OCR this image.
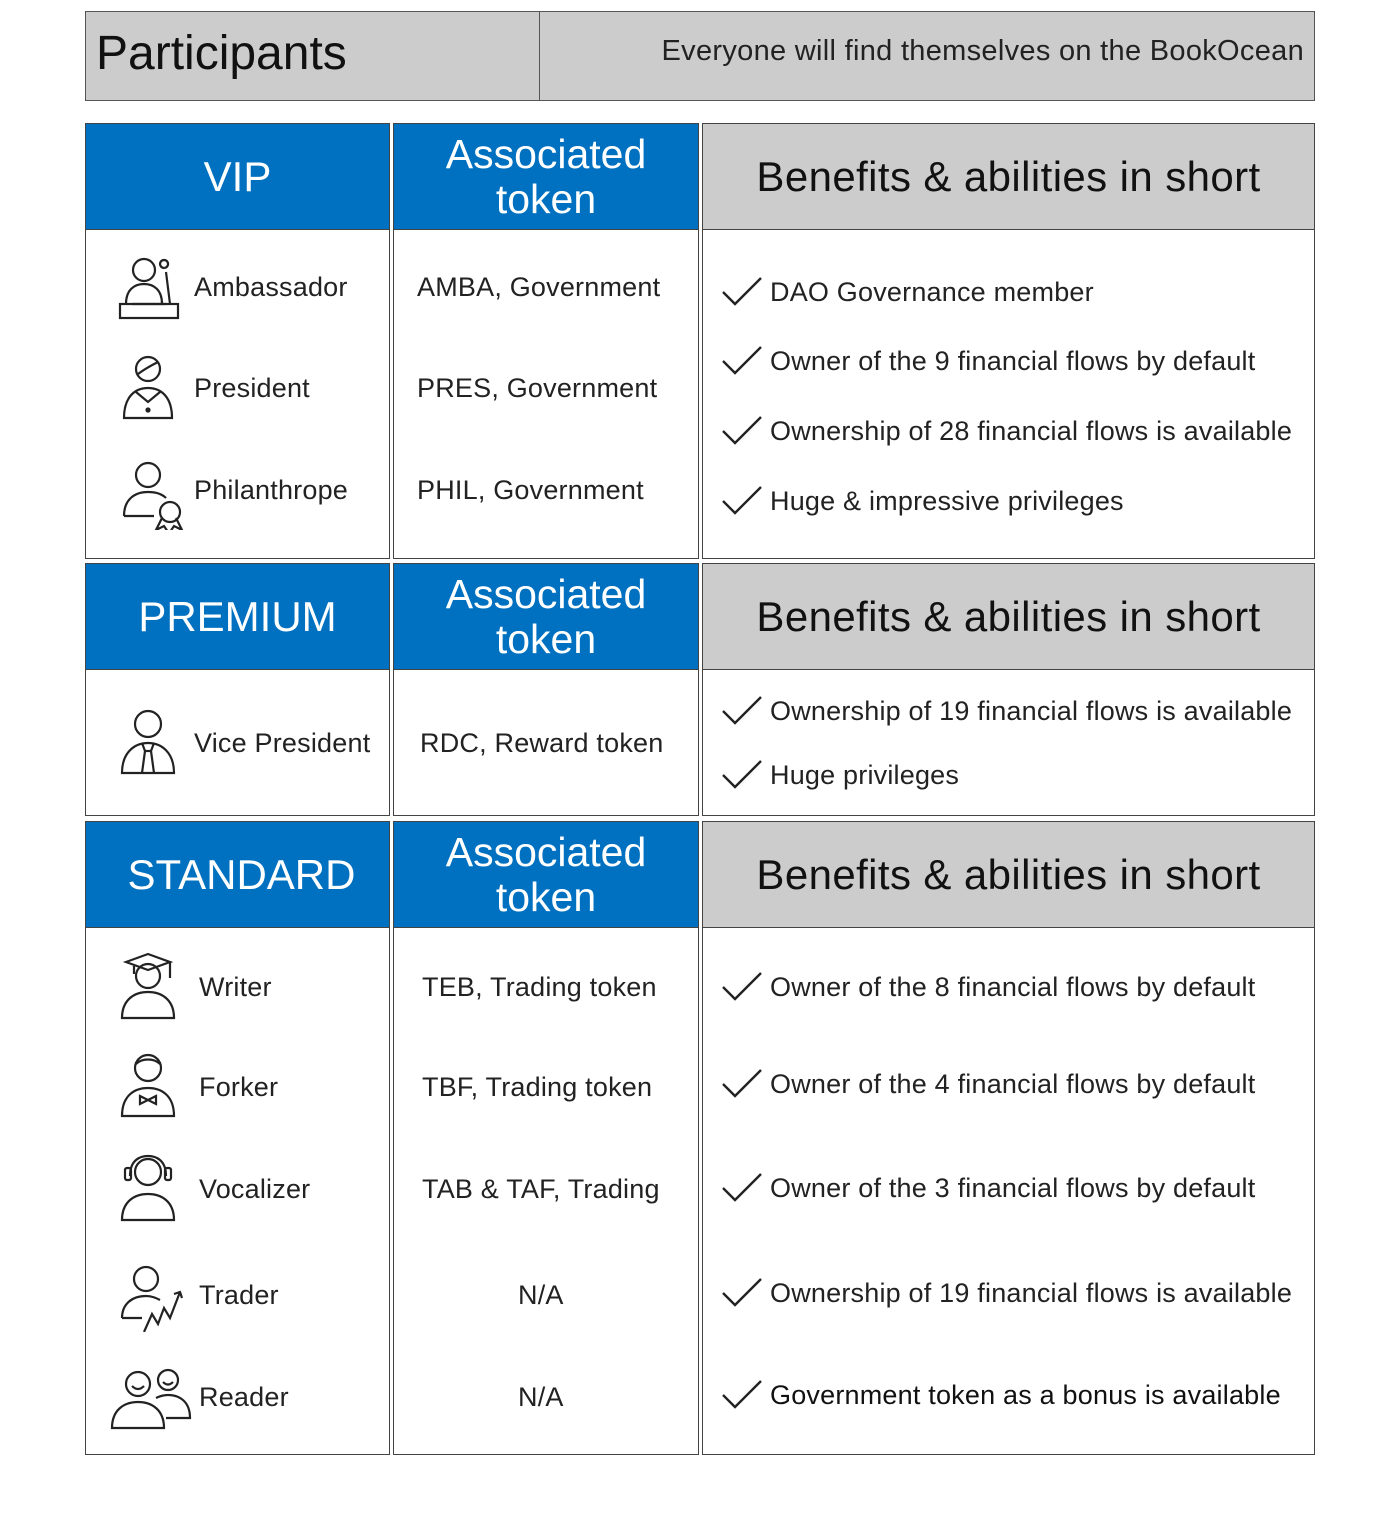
Participants	Everyone will find themselves on the BookOcean
VIP
Ambassador
President
Philanthrope
Associated token
AMBA, Government
PRES, Government
PHIL, Government
Benefits & abilities in short
DAO Governance member
Owner of the 9 financial flows by default
Ownership of 28 financial flows is available
Huge & impressive privileges
PREMIUM
Vice President
Associated token
RDC, Reward token
Benefits & abilities in short
Ownership of 19 financial flows is available
Huge privileges
STANDARD
Writer
Forker
Vocalizer
Trader
Reader
Associated token
TEB, Trading token
TBF, Trading token
TAB & TAF, Trading
N/A
N/A
Benefits & abilities in short
Owner of the 8 financial flows by default
Owner of the 4 financial flows by default
Owner of the 3 financial flows by default
Ownership of 19 financial flows is available
Government token as a bonus is available
